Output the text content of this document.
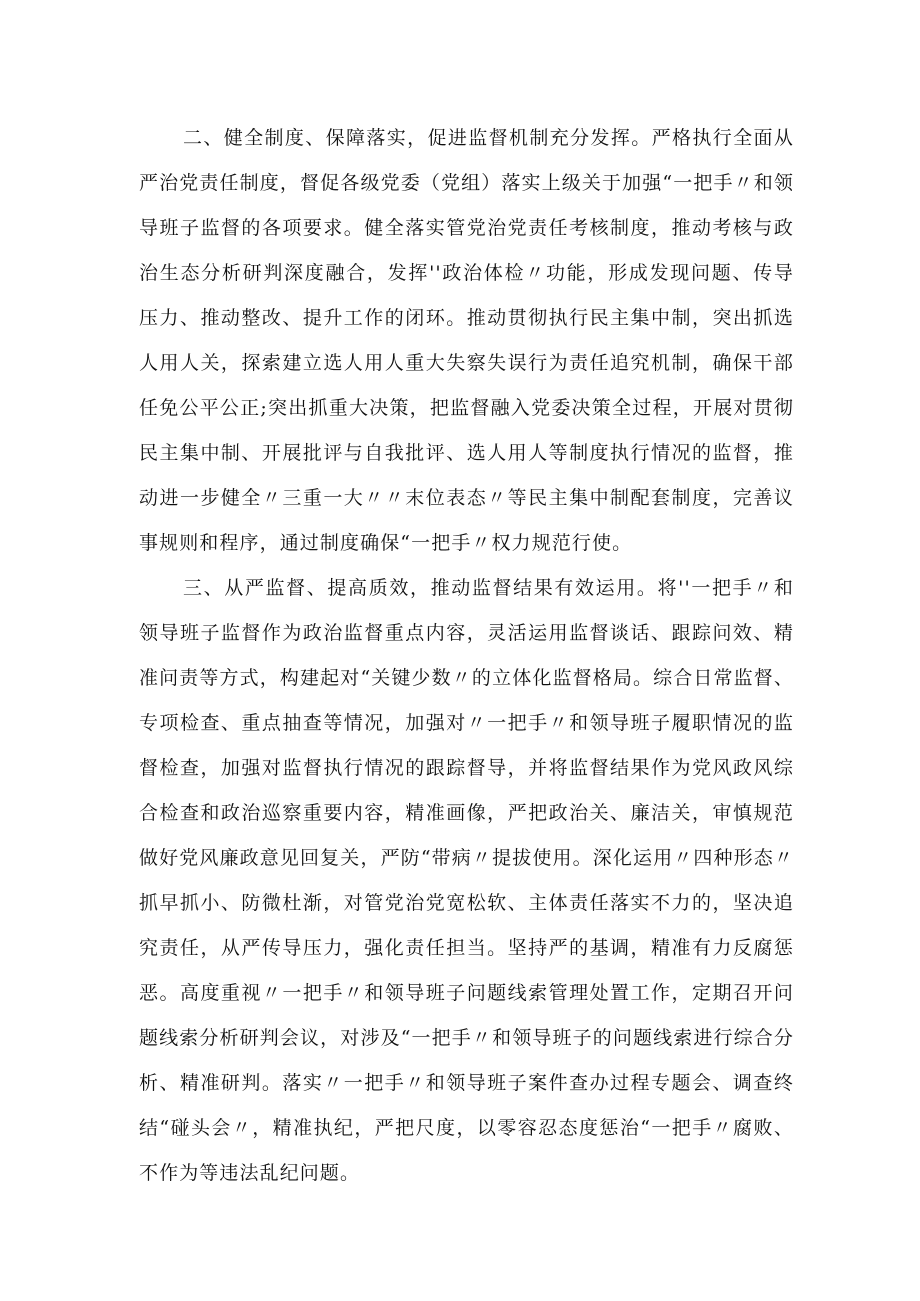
二、健全制度、保障落实，促进监督机制充分发挥。严格执行全面从严治党责任制度，督促各级党委（党组）落实上级关于加强“一把手〃和领导班子监督的各项要求。健全落实管党治党责任考核制度，推动考核与政治生态分析研判深度融合，发挥''政治体检〃功能，形成发现问题、传导压力、推动整改、提升工作的闭环。推动贯彻执行民主集中制，突出抓选人用人关，探索建立选人用人重大失察失误行为责任追究机制，确保干部任免公平公正;突出抓重大决策，把监督融入党委决策全过程，开展对贯彻民主集中制、开展批评与自我批评、选人用人等制度执行情况的监督，推动进一步健全〃三重一大〃〃末位表态〃等民主集中制配套制度，完善议事规则和程序，通过制度确保“一把手〃权力规范行使。

三、从严监督、提高质效，推动监督结果有效运用。将''一把手〃和领导班子监督作为政治监督重点内容，灵活运用监督谈话、跟踪问效、精准问责等方式，构建起对“关键少数〃的立体化监督格局。综合日常监督、专项检查、重点抽查等情况，加强对〃一把手〃和领导班子履职情况的监督检查，加强对监督执行情况的跟踪督导，并将监督结果作为党风政风综合检查和政治巡察重要内容，精准画像，严把政治关、廉洁关，审慎规范做好党风廉政意见回复关，严防“带病〃提拔使用。深化运用〃四种形态〃抓早抓小、防微杜渐，对管党治党宽松软、主体责任落实不力的，坚决追究责任，从严传导压力，强化责任担当。坚持严的基调，精准有力反腐惩恶。高度重视〃一把手〃和领导班子问题线索管理处置工作，定期召开问题线索分析研判会议，对涉及“一把手〃和领导班子的问题线索进行综合分析、精准研判。落实〃一把手〃和领导班子案件查办过程专题会、调查终结“碰头会〃，精准执纪，严把尺度，以零容忍态度惩治“一把手〃腐败、不作为等违法乱纪问题。
